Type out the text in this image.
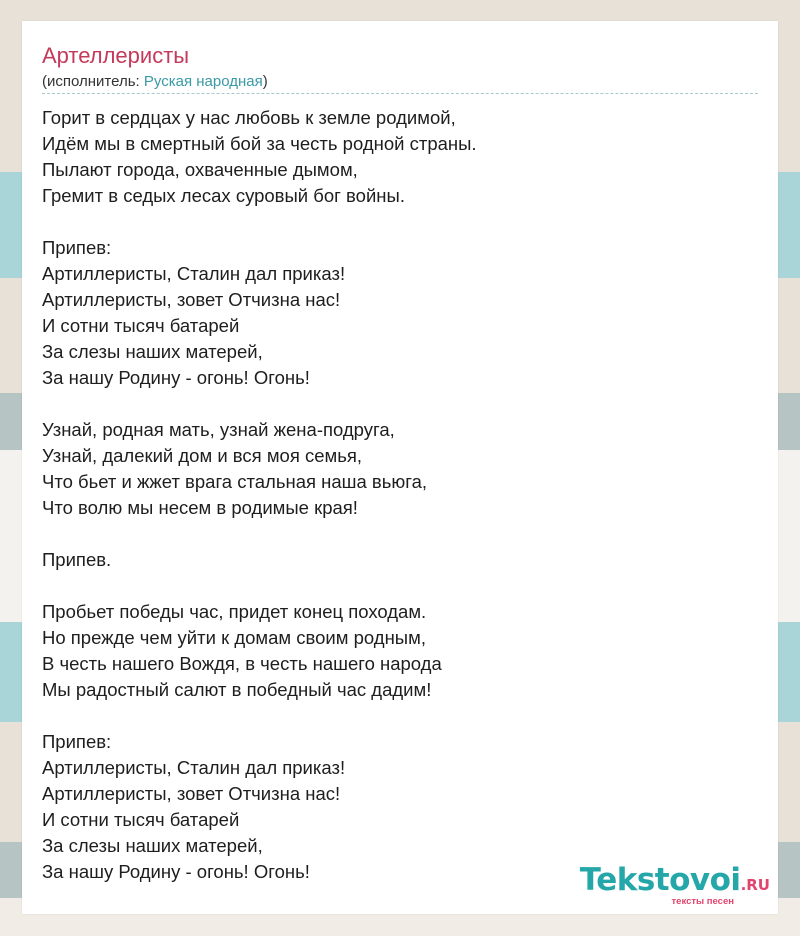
Артеллеристы
(исполнитель: Руская народная)
Горит в сердцах у нас любовь к земле родимой,
Идём мы в смертный бой за честь родной страны.
Пылают города, охваченные дымом,
Гремит в седых лесах суровый бог войны.
Припев:
Артиллеристы, Сталин дал приказ!
Артиллеристы, зовет Отчизна нас!
И сотни тысяч батарей
За слезы наших матерей,
За нашу Родину - огонь! Огонь!
Узнай, родная мать, узнай жена-подруга,
Узнай, далекий дом и вся моя семья,
Что бьет и жжет врага стальная наша вьюга,
Что волю мы несем в родимые края!
Припев.
Пробьет победы час, придет конец походам.
Но прежде чем уйти к домам своим родным,
В честь нашего Вождя, в честь нашего народа
Мы радостный салют в победный час дадим!
Припев:
Артиллеристы, Сталин дал приказ!
Артиллеристы, зовет Отчизна нас!
И сотни тысяч батарей
За слезы наших матерей,
За нашу Родину - огонь! Огонь!	Tekstovoi.RU
тексты песен
